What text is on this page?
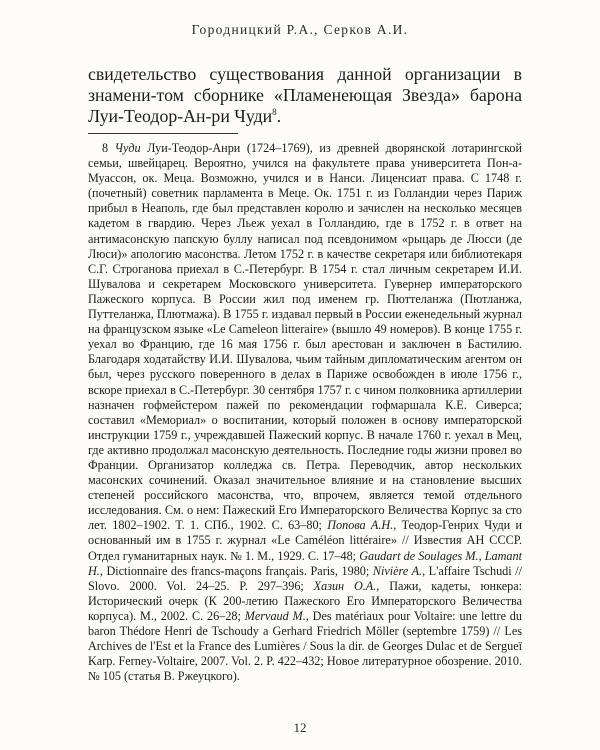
Городницкий Р.А., Серков А.И.

свидетельство существования данной организации в знамени-том сборнике «Пламенеющая Звезда» барона Луи-Теодор-Ан-ри Чуди$^8$.

8 Чуди Луи-Теодор-Анри (1724–1769), из древней дворянской лотарингской семьи, швейцарец. Вероятно, учился на факультете права университета Пон-а-Муассон, ок. Меца. Возможно, учился и в Нанси. Лиценсиат права. С 1748 г. (почетный) советник парламента в Меце. Ок. 1751 г. из Голландии через Париж прибыл в Неаполь, где был представлен королю и зачислен на несколько месяцев кадетом в гвардию. Через Льеж уехал в Голландию, где в 1752 г. в ответ на антимасонскую папскую буллу написал под псевдонимом «рыцарь де Люсси (де Люси)» апологию масонства. Летом 1752 г. в качестве секретаря или библиотекаря С.Г. Строганова приехал в С.-Петербург. В 1754 г. стал личным секретарем И.И. Шувалова и секретарем Московского университета. Гувернер императорского Пажеского корпуса. В России жил под именем гр. Пюттеланжа (Пютланжа, Путтеланжа, Плютмажа). В 1755 г. издавал первый в России еженедельный журнал на французском языке «Le Cameleon litteraire» (вышло 49 номеров). В конце 1755 г. уехал во Францию, где 16 мая 1756 г. был арестован и заключен в Бастилию. Благодаря ходатайству И.И. Шувалова, чьим тайным дипломатическим агентом он был, через русского поверенного в делах в Париже освобожден в июле 1756 г., вскоре приехал в С.-Петербург. 30 сентября 1757 г. с чином полковника артиллерии назначен гофмейстером пажей по рекомендации гофмаршала К.Е. Сиверса; составил «Мемориал» о воспитании, который положен в основу императорской инструкции 1759 г., учреждавшей Пажеский корпус. В начале 1760 г. уехал в Мец, где активно продолжал масонскую деятельность. Последние годы жизни провел во Франции. Организатор колледжа св. Петра. Переводчик, автор нескольких масонских сочинений. Оказал значительное влияние и на становление высших степеней российского масонства, что, впрочем, является темой отдельного исследования. См. о нем: Пажеский Его Императорского Величества Корпус за сто лет. 1802–1902. Т. 1. СПб., 1902. С. 63–80; Попова А.Н., Теодор-Генрих Чуди и основанный им в 1755 г. журнал «Le Caméléon littéraire» // Известия АН СССР. Отдел гуманитарных наук. № 1. М., 1929. С. 17–48; Gaudart de Soulages M., Lamant H., Dictionnaire des francs-maçons français. Paris, 1980; Nivière A., L'affaire Tschudi // Slovo. 2000. Vol. 24–25. P. 297–396; Хазин О.А., Пажи, кадеты, юнкера: Исторический очерк (К 200-летию Пажеского Его Императорского Величества корпуса). М., 2002. С. 26–28; Mervaud M., Des matériaux pour Voltaire: une lettre du baron Thédore Henri de Tschoudy a Gerhard Friedrich Möller (septembre 1759) // Les Archives de l'Est et la France des Lumières / Sous la dir. de Georges Dulac et de Sergueï Karp. Ferney-Voltaire, 2007. Vol. 2. P. 422–432; Новое литературное обозрение. 2010. № 105 (статья В. Ржеуцкого).

12
